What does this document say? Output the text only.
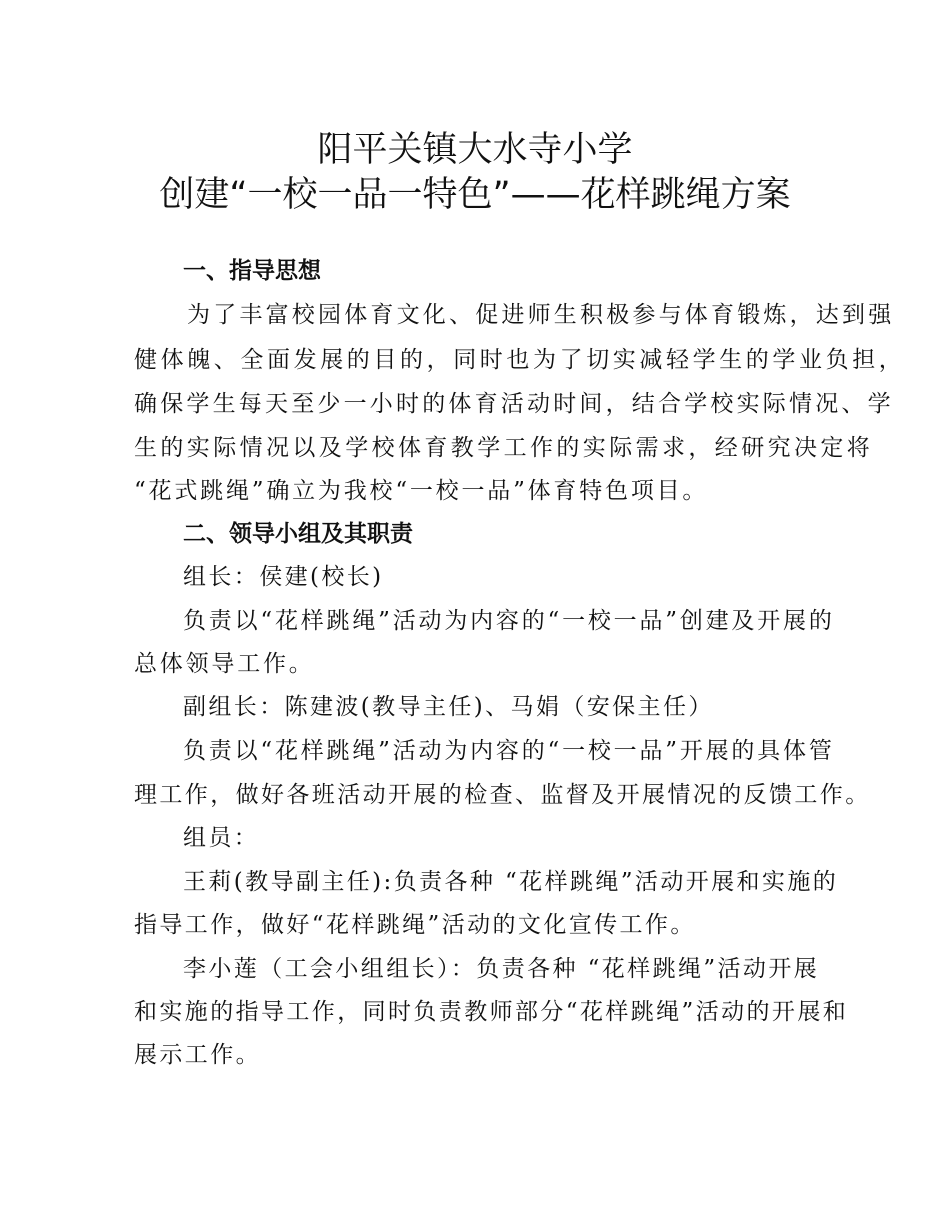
阳平关镇大水寺小学
创建“一校一品一特色”——花样跳绳方案
一、指导思想
为了丰富校园体育文化、促进师生积极参与体育锻炼，达到强
健体魄、全面发展的目的，同时也为了切实减轻学生的学业负担，
确保学生每天至少一小时的体育活动时间，结合学校实际情况、学
生的实际情况以及学校体育教学工作的实际需求，经研究决定将
“花式跳绳”确立为我校“一校一品”体育特色项目。
二、领导小组及其职责
组长：侯建(校长)
负责以“花样跳绳”活动为内容的“一校一品”创建及开展的
总体领导工作。
副组长：陈建波(教导主任)、马娟（安保主任）
负责以“花样跳绳”活动为内容的“一校一品”开展的具体管
理工作，做好各班活动开展的检查、监督及开展情况的反馈工作。
组员：
王莉(教导副主任):负责各种 “花样跳绳”活动开展和实施的
指导工作，做好“花样跳绳”活动的文化宣传工作。
李小莲（工会小组组长）：负责各种 “花样跳绳”活动开展
和实施的指导工作，同时负责教师部分“花样跳绳”活动的开展和
展示工作。
